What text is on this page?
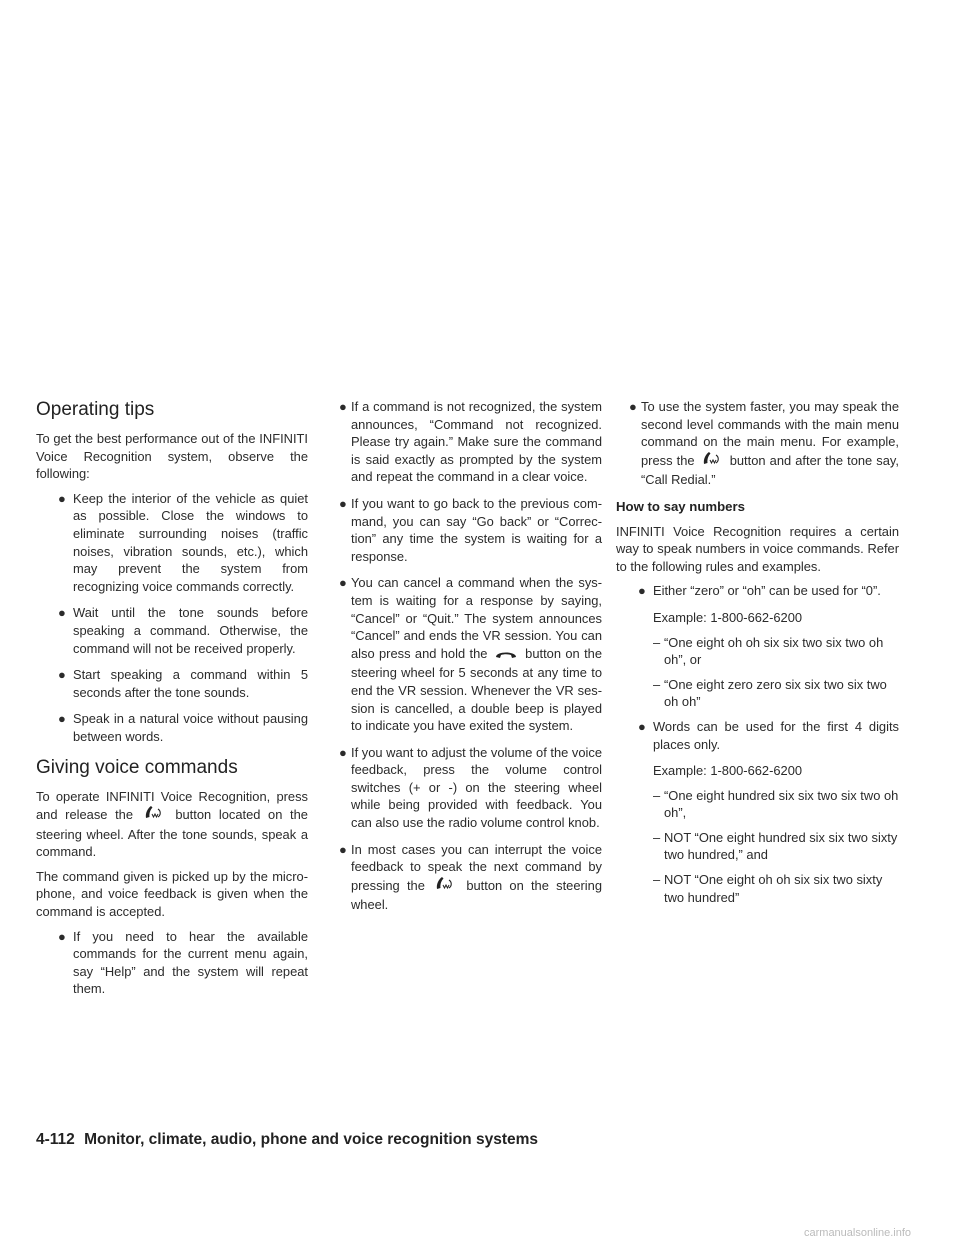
Operating tips

To get the best performance out of the INFINITI Voice Recognition system, observe the following:

● Keep the interior of the vehicle as quiet as possible. Close the windows to eliminate surrounding noises (traffic noises, vibration sounds, etc.), which may prevent the system from recognizing voice commands correctly.
● Wait until the tone sounds before speaking a command. Otherwise, the command will not be received properly.
● Start speaking a command within 5 seconds after the tone sounds.
● Speak in a natural voice without pausing between words.
Giving voice commands

To operate INFINITI Voice Recognition, press and release the	button located on the steering wheel. After the tone sounds, speak a command.

The command given is picked up by the micro-phone, and voice feedback is given when the command is accepted.

● If you need to hear the available commands for the current menu again, say “Help” and the system will repeat them.
● If a command is not recognized, the system announces, “Command not recognized. Please try again.” Make sure the command is said exactly as prompted by the system and repeat the command in a clear voice.
● If you want to go back to the previous com-mand, you can say “Go back” or “Correc-tion” any time the system is waiting for a response.
● You can cancel a command when the sys-tem is waiting for a response by saying, “Cancel” or “Quit.” The system announces “Cancel” and ends the VR session. You can also press and hold the	button on the steering wheel for 5 seconds at any time to end the VR session. Whenever the VR ses-sion is cancelled, a double beep is played to indicate you have exited the system.
● If you want to adjust the volume of the voice feedback, press the volume control switches (+ or -) on the steering wheel while being provided with feedback. You can also use the radio volume control knob.
● In most cases you can interrupt the voice feedback to speak the next command by pressing the	button on the steering wheel.
● To use the system faster, you may speak the second level commands with the main menu command on the main menu. For example, press the	button and after the tone say, “Call Redial.”
How to say numbers

INFINITI Voice Recognition requires a certain way to speak numbers in voice commands. Refer to the following rules and examples.

● Either “zero” or “oh” can be used for “0”.
Example: 1-800-662-6200
– “One eight oh oh six six two six two oh oh”, or
– “One eight zero zero six six two six two oh oh”
● Words can be used for the first 4 digits places only.
Example: 1-800-662-6200
– “One eight hundred six six two six two oh oh”,
– NOT “One eight hundred six six two sixty two hundred,” and
– NOT “One eight oh oh six six two sixty two hundred”
4-112 Monitor, climate, audio, phone and voice recognition systems
carmanualsonline.info
